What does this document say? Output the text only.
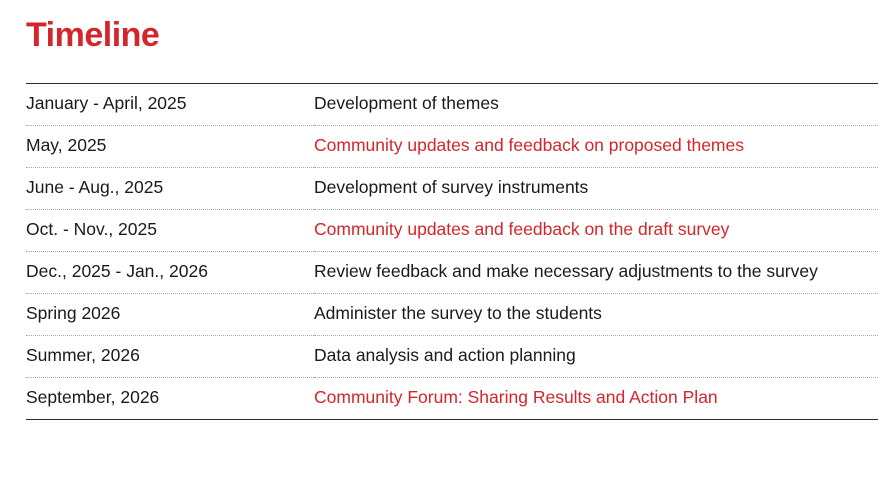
Timeline
January - April, 2025	Development of themes
May, 2025	Community updates and feedback on proposed themes
June - Aug., 2025	Development of survey instruments
Oct. - Nov., 2025	Community updates and feedback on the draft survey
Dec., 2025 - Jan., 2026	Review feedback and make necessary adjustments to the survey
Spring 2026	Administer the survey to the students
Summer, 2026	Data analysis and action planning
September, 2026	Community Forum: Sharing Results and Action Plan
